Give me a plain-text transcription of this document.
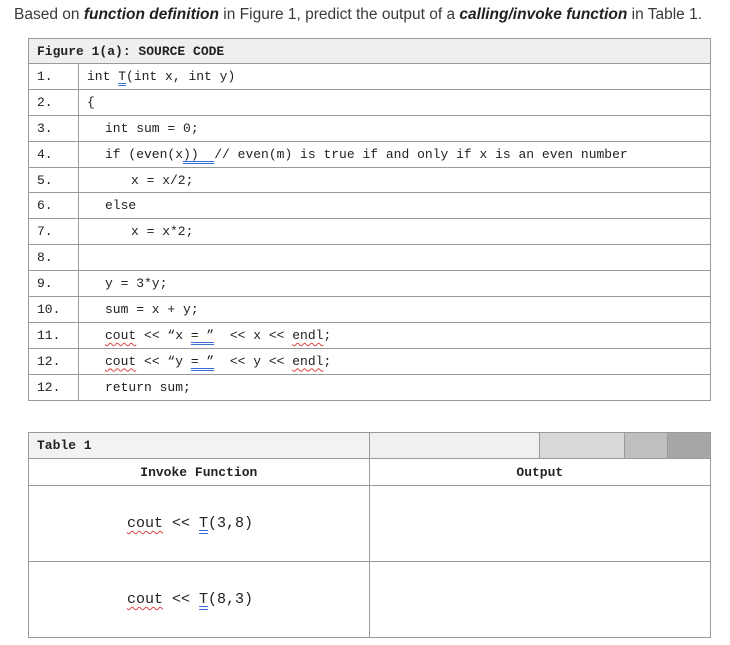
Based on function definition in Figure 1, predict the output of a calling/invoke function in Table 1.
Figure 1(a): SOURCE CODE	
1.	int T(int x, int y)
2.	{
3.	int sum = 0;
4.	if (even(x))  // even(m) is true if and only if x is an even number
5.	x = x/2;
6.	else
7.	x = x*2;
8.	
9.	y = 3*y;
10.	sum = x + y;
11.	cout << “x = ”  << x << endl;
12.	cout << “y = ”  << y << endl;
12.	return sum;
Table 1				
Invoke Function	Output			
cout << T(3,8)				
cout << T(8,3)				
